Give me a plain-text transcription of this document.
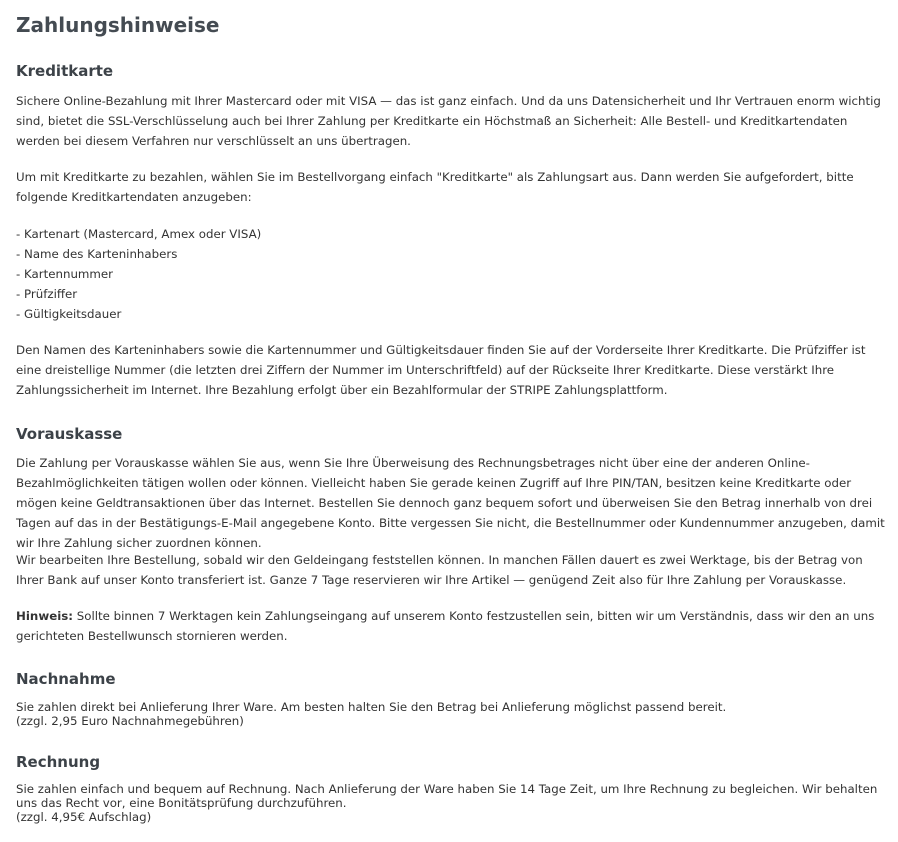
Zahlungshinweise
Kreditkarte

Sichere Online-Bezahlung mit Ihrer Mastercard oder mit VISA — das ist ganz einfach. Und da uns Datensicherheit und Ihr Vertrauen enorm wichtig sind, bietet die SSL-Verschlüsselung auch bei Ihrer Zahlung per Kreditkarte ein Höchstmaß an Sicherheit: Alle Bestell- und Kreditkartendaten werden bei diesem Verfahren nur verschlüsselt an uns übertragen.

Um mit Kreditkarte zu bezahlen, wählen Sie im Bestellvorgang einfach "Kreditkarte" als Zahlungsart aus. Dann werden Sie aufgefordert, bitte folgende Kreditkartendaten anzugeben:

- Kartenart (Mastercard, Amex oder VISA)
- Name des Karteninhabers
- Kartennummer
- Prüfziffer
- Gültigkeitsdauer

Den Namen des Karteninhabers sowie die Kartennummer und Gültigkeitsdauer finden Sie auf der Vorderseite Ihrer Kreditkarte. Die Prüfziffer ist eine dreistellige Nummer (die letzten drei Ziffern der Nummer im Unterschriftfeld) auf der Rückseite Ihrer Kreditkarte. Diese verstärkt Ihre Zahlungssicherheit im Internet. Ihre Bezahlung erfolgt über ein Bezahlformular der STRIPE Zahlungsplattform.

Vorauskasse

Die Zahlung per Vorauskasse wählen Sie aus, wenn Sie Ihre Überweisung des Rechnungsbetrages nicht über eine der anderen Online-Bezahlmöglichkeiten tätigen wollen oder können. Vielleicht haben Sie gerade keinen Zugriff auf Ihre PIN/TAN, besitzen keine Kreditkarte oder mögen keine Geldtransaktionen über das Internet. Bestellen Sie dennoch ganz bequem sofort und überweisen Sie den Betrag innerhalb von drei Tagen auf das in der Bestätigungs-E-Mail angegebene Konto. Bitte vergessen Sie nicht, die Bestellnummer oder Kundennummer anzugeben, damit wir Ihre Zahlung sicher zuordnen können.

Wir bearbeiten Ihre Bestellung, sobald wir den Geldeingang feststellen können. In manchen Fällen dauert es zwei Werktage, bis der Betrag von Ihrer Bank auf unser Konto transferiert ist. Ganze 7 Tage reservieren wir Ihre Artikel — genügend Zeit also für Ihre Zahlung per Vorauskasse.

Hinweis: Sollte binnen 7 Werktagen kein Zahlungseingang auf unserem Konto festzustellen sein, bitten wir um Verständnis, dass wir den an uns gerichteten Bestellwunsch stornieren werden.

Nachnahme

Sie zahlen direkt bei Anlieferung Ihrer Ware. Am besten halten Sie den Betrag bei Anlieferung möglichst passend bereit.
(zzgl. 2,95 Euro Nachnahmegebühren)

Rechnung

Sie zahlen einfach und bequem auf Rechnung. Nach Anlieferung der Ware haben Sie 14 Tage Zeit, um Ihre Rechnung zu begleichen. Wir behalten uns das Recht vor, eine Bonitätsprüfung durchzuführen.
(zzgl. 4,95€ Aufschlag)
